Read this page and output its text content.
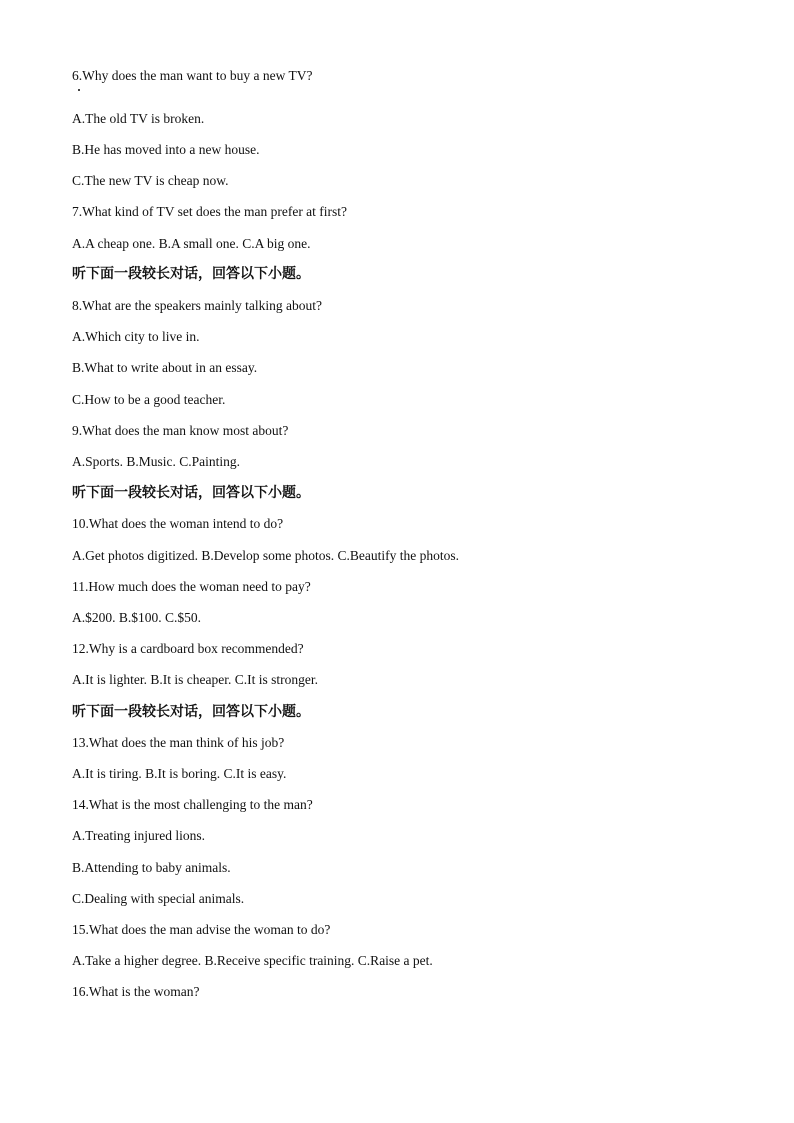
6.Why does the man want to buy a new TV?
A.The old TV is broken.
B.He has moved into a new house.
C.The new TV is cheap now.
7.What kind of TV set does the man prefer at first?
A.A cheap one. B.A small one. C.A big one.
听下面一段较长对话，回答以下小题。
8.What are the speakers mainly talking about?
A.Which city to live in.
B.What to write about in an essay.
C.How to be a good teacher.
9.What does the man know most about?
A.Sports. B.Music. C.Painting.
听下面一段较长对话，回答以下小题。
10.What does the woman intend to do?
A.Get photos digitized. B.Develop some photos. C.Beautify the photos.
11.How much does the woman need to pay?
A.$200. B.$100. C.$50.
12.Why is a cardboard box recommended?
A.It is lighter. B.It is cheaper. C.It is stronger.
听下面一段较长对话，回答以下小题。
13.What does the man think of his job?
A.It is tiring. B.It is boring. C.It is easy.
14.What is the most challenging to the man?
A.Treating injured lions.
B.Attending to baby animals.
C.Dealing with special animals.
15.What does the man advise the woman to do?
A.Take a higher degree. B.Receive specific training. C.Raise a pet.
16.What is the woman?
